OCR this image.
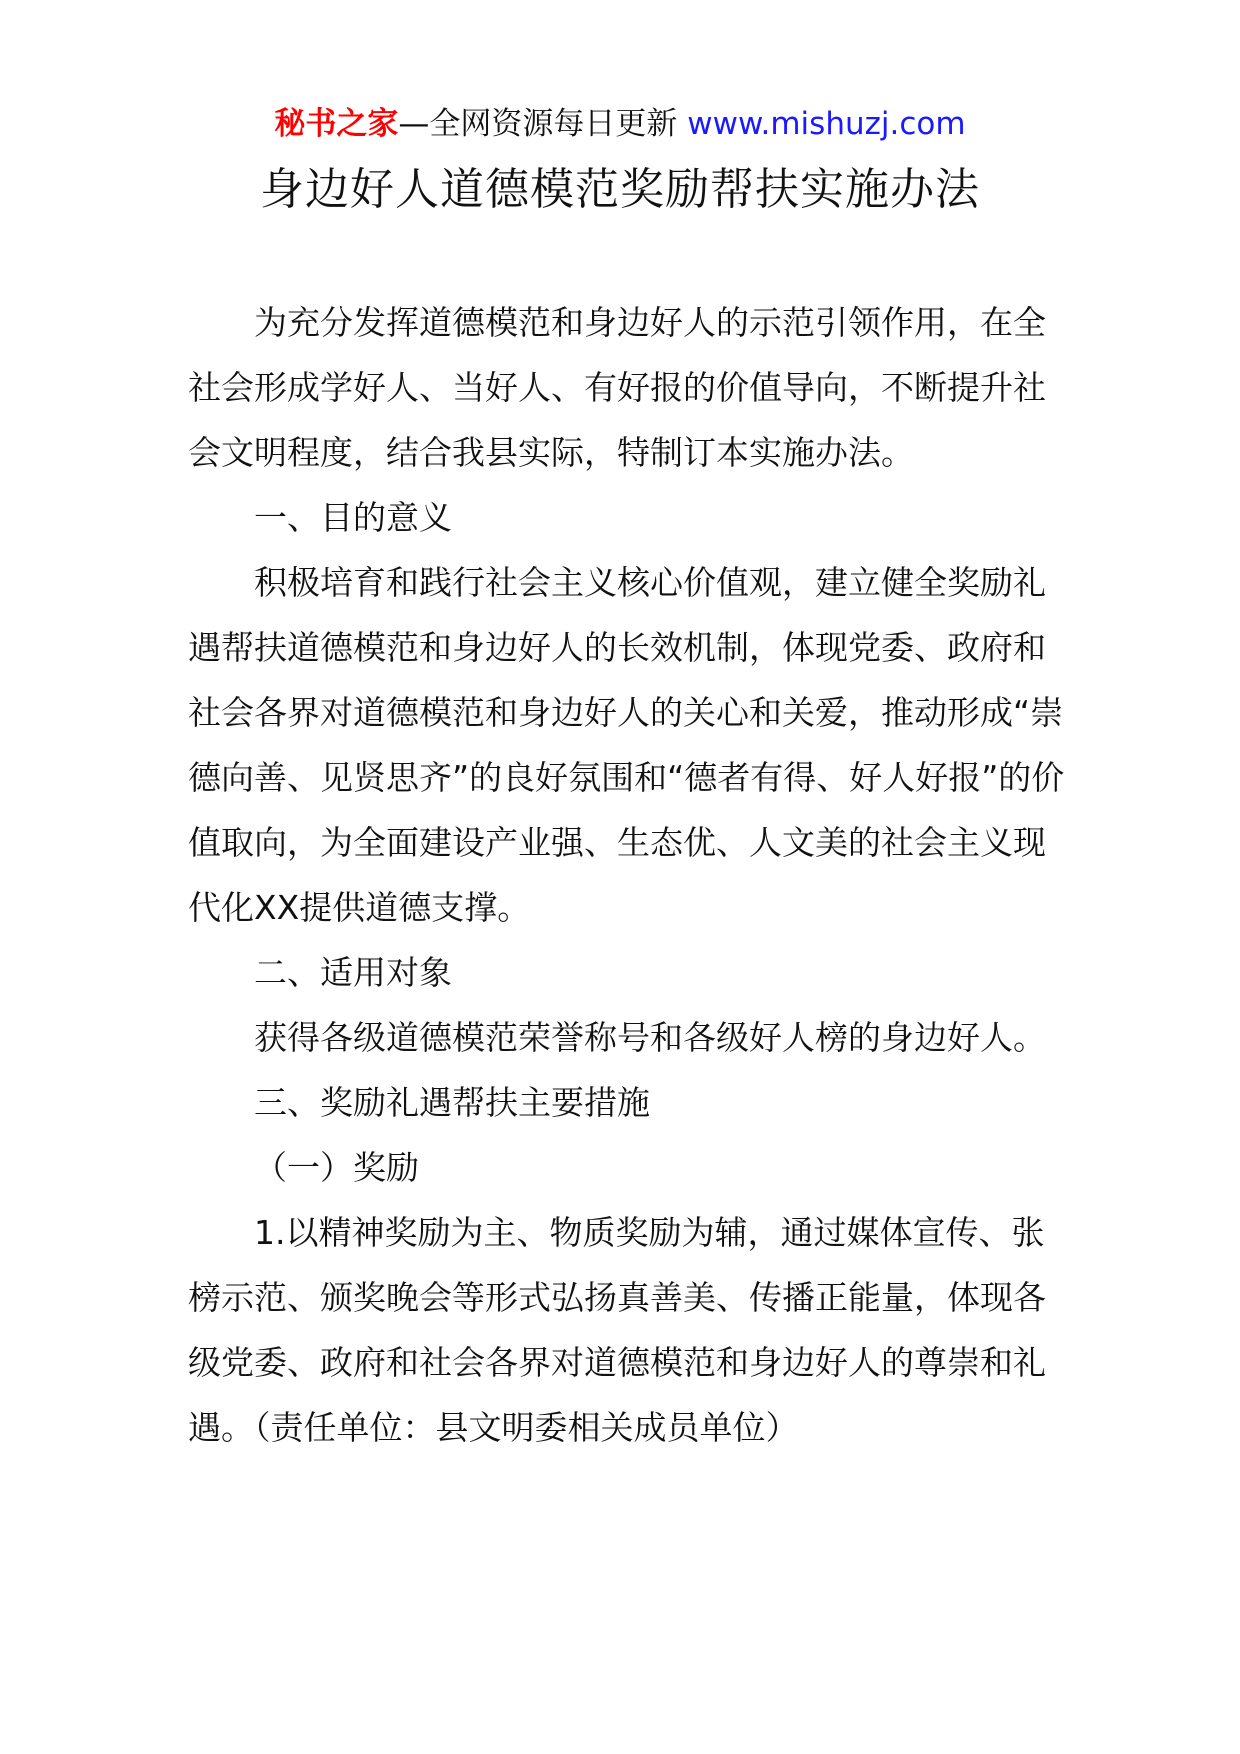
秘书之家—全网资源每日更新 www.mishuzj.com
身边好人道德模范奖励帮扶实施办法

为充分发挥道德模范和身边好人的示范引领作用，在全社会形成学好人、当好人、有好报的价值导向，不断提升社会文明程度，结合我县实际，特制订本实施办法。

一、目的意义

积极培育和践行社会主义核心价值观，建立健全奖励礼遇帮扶道德模范和身边好人的长效机制，体现党委、政府和社会各界对道德模范和身边好人的关心和关爱，推动形成“崇德向善、见贤思齐”的良好氛围和“德者有得、好人好报”的价值取向，为全面建设产业强、生态优、人文美的社会主义现代化XX提供道德支撑。

二、适用对象

获得各级道德模范荣誉称号和各级好人榜的身边好人。

三、奖励礼遇帮扶主要措施

（一）奖励

1.以精神奖励为主、物质奖励为辅，通过媒体宣传、张榜示范、颁奖晚会等形式弘扬真善美、传播正能量，体现各级党委、政府和社会各界对道德模范和身边好人的尊崇和礼遇。（责任单位：县文明委相关成员单位）
